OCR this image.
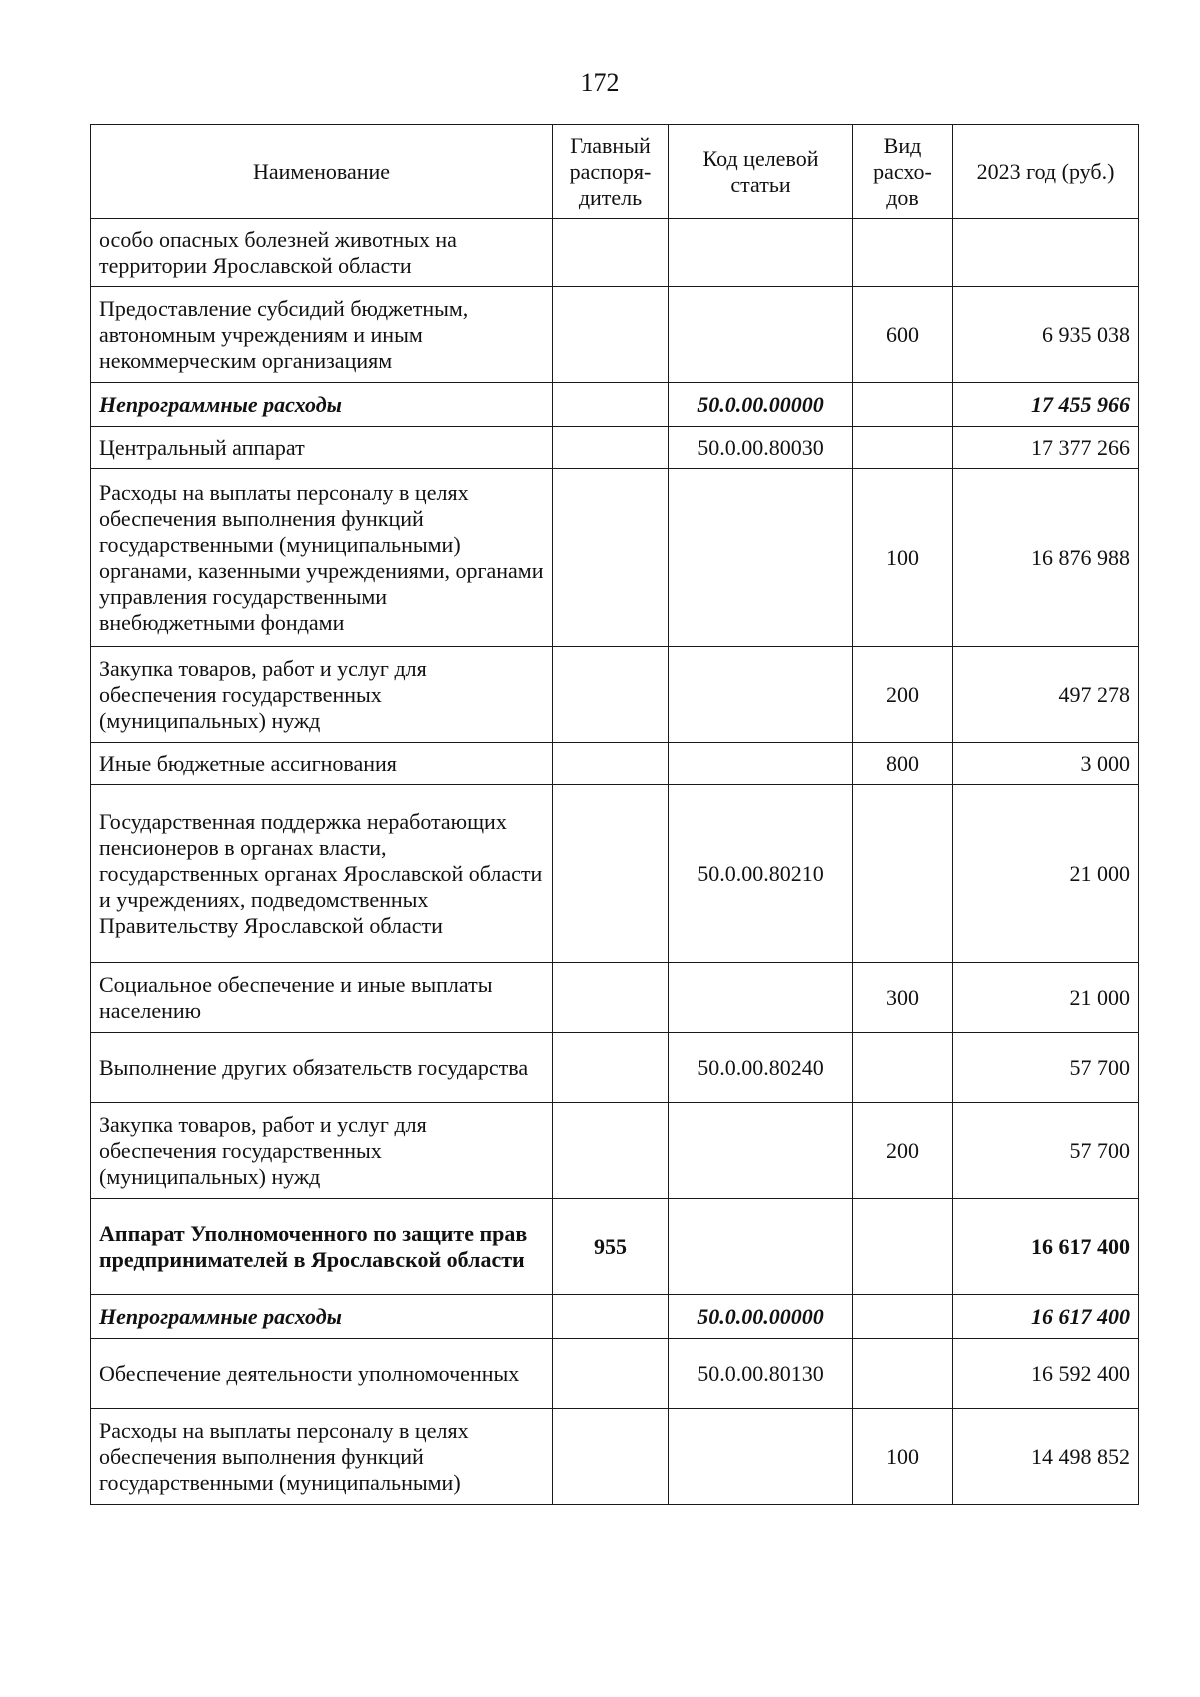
172
Наименование	Главный распоря-дитель	Код целевой статьи	Вид расхо-дов	2023 год (руб.)
особо опасных болезней животных на территории Ярославской области				
Предоставление субсидий бюджетным, автономным учреждениям и иным некоммерческим организациям			600	6 935 038
Непрограммные расходы		50.0.00.00000		17 455 966
Центральный аппарат		50.0.00.80030		17 377 266
Расходы на выплаты персоналу в целях обеспечения выполнения функций государственными (муниципальными) органами, казенными учреждениями, органами управления государственными внебюджетными фондами			100	16 876 988
Закупка товаров, работ и услуг для обеспечения государственных (муниципальных) нужд			200	497 278
Иные бюджетные ассигнования			800	3 000
Государственная поддержка неработающих пенсионеров в органах власти, государственных органах Ярославской области и учреждениях, подведомственных Правительству Ярославской области		50.0.00.80210		21 000
Социальное обеспечение и иные выплаты населению			300	21 000
Выполнение других обязательств государства		50.0.00.80240		57 700
Закупка товаров, работ и услуг для обеспечения государственных (муниципальных) нужд			200	57 700
Аппарат Уполномоченного по защите прав предпринимателей в Ярославской области	955			16 617 400
Непрограммные расходы		50.0.00.00000		16 617 400
Обеспечение деятельности уполномоченных		50.0.00.80130		16 592 400
Расходы на выплаты персоналу в целях обеспечения выполнения функций государственными (муниципальными)			100	14 498 852
